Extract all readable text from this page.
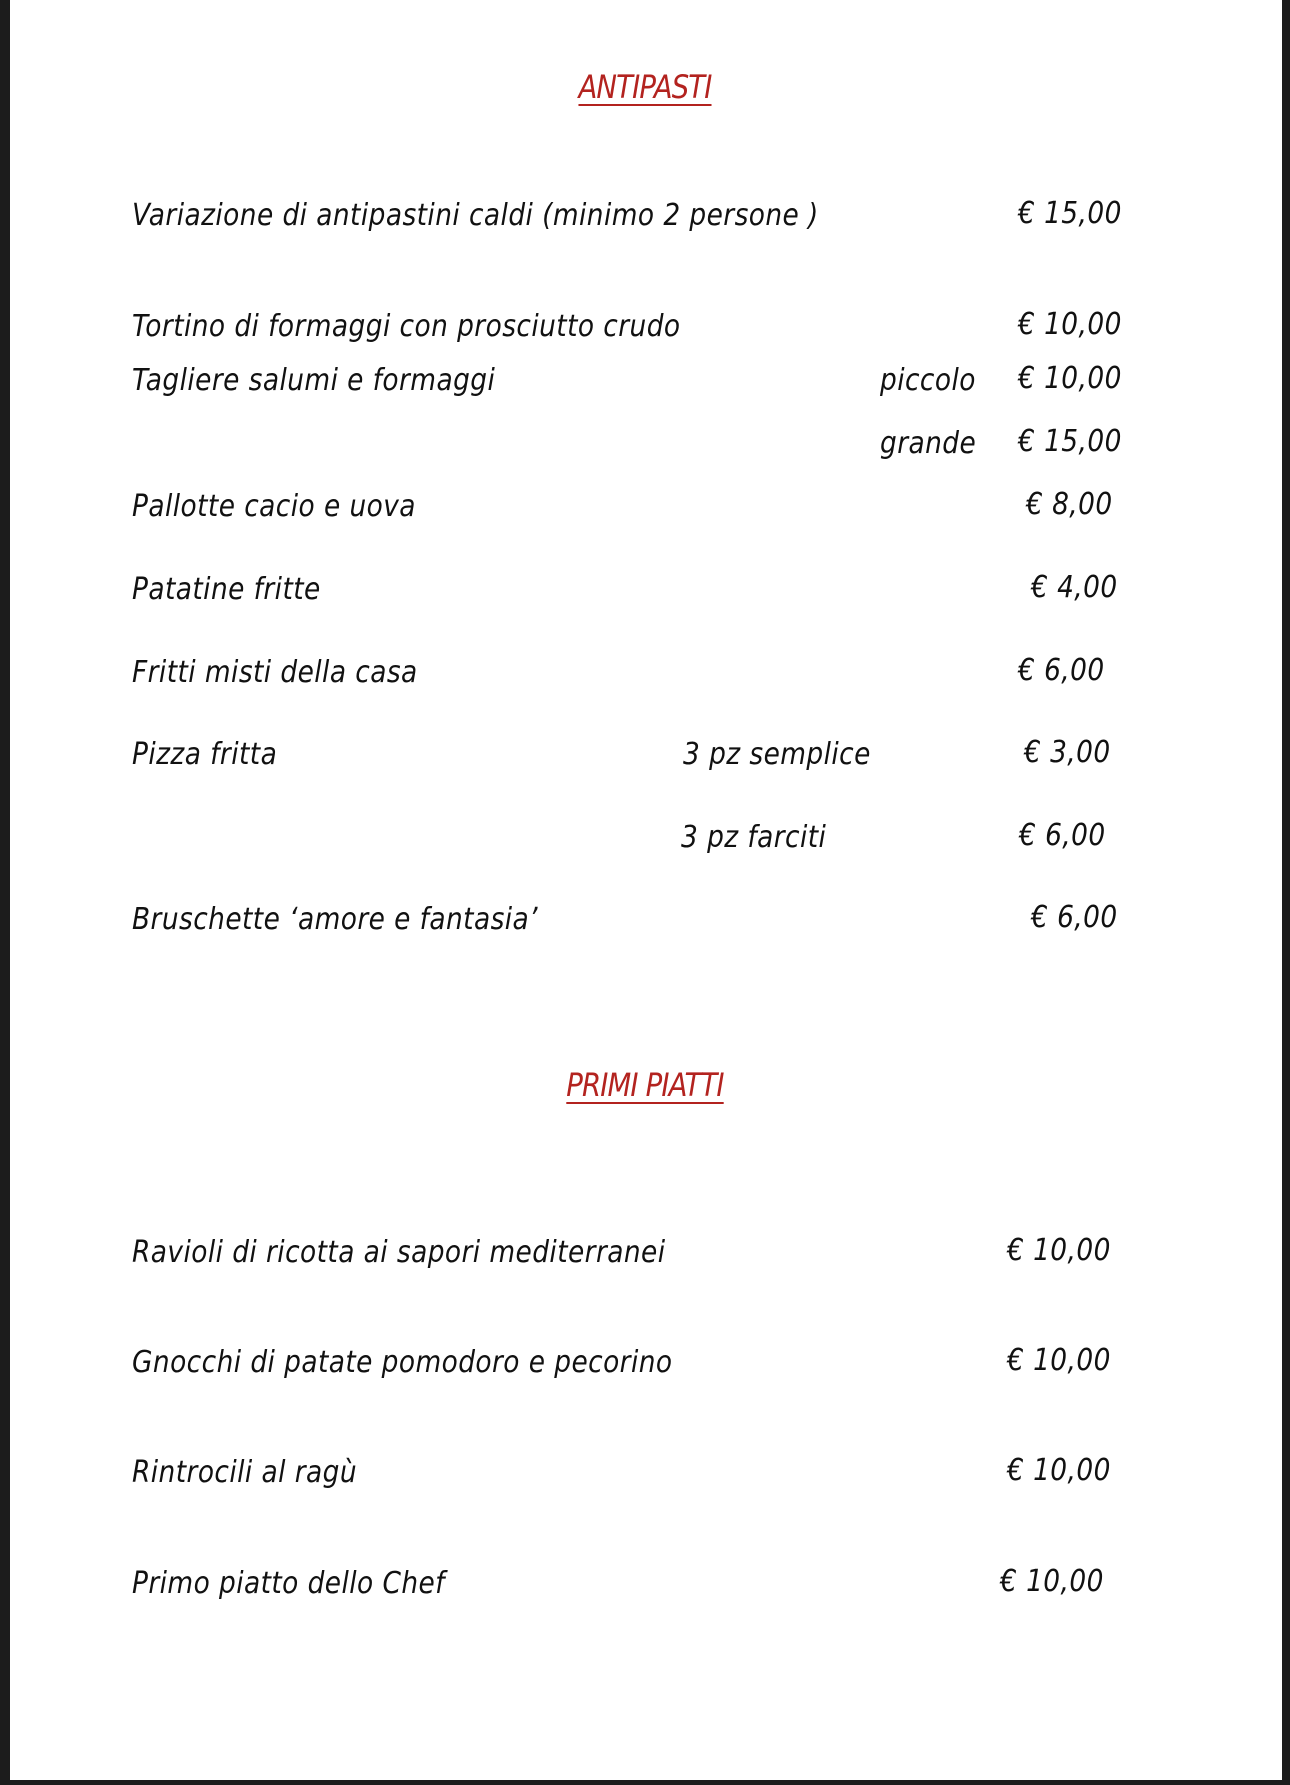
ANTIPASTI
Variazione di antipastini caldi (minimo 2 persone )	€ 15,00
Tortino di formaggi con prosciutto crudo	€ 10,00
Tagliere salumi e formaggi	piccolo € 10,00
grande € 15,00
Pallotte cacio e uova	€ 8,00
Patatine fritte	€ 4,00
Fritti misti della casa	€ 6,00
Pizza fritta	3 pz semplice	€ 3,00
3 pz farciti	€ 6,00
Bruschette ‘amore e fantasia’	€ 6,00
PRIMI PIATTI
Ravioli di ricotta ai sapori mediterranei	€ 10,00
Gnocchi di patate pomodoro e pecorino	€ 10,00
Rintrocili al ragù	€ 10,00
Primo piatto dello Chef	€ 10,00
